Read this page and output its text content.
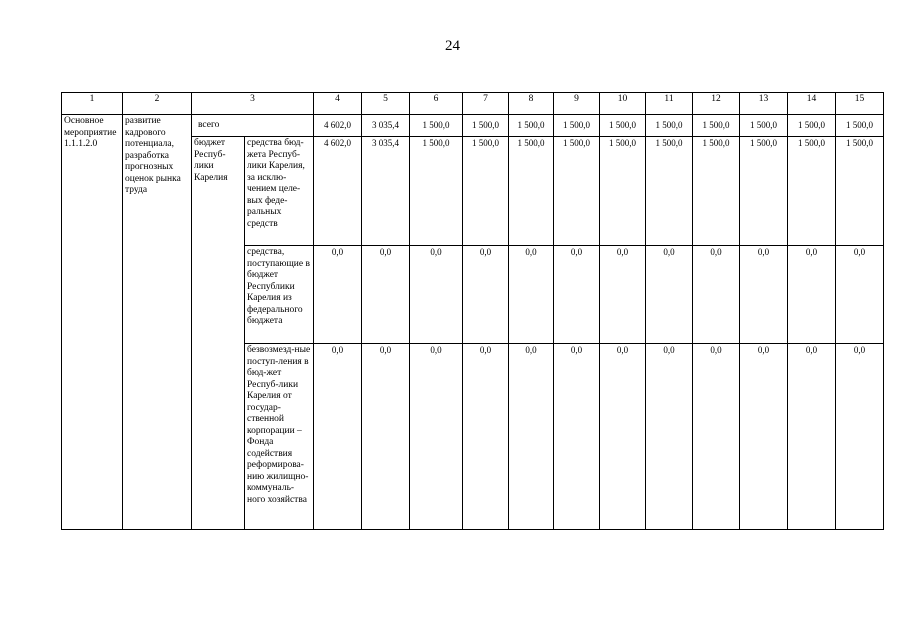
24
1	2	3		4	5	6	7	8	9	10	11	12	13	14	15
Основное мероприятие 1.1.1.2.0	развитие кадрового потенциала, разработка прогнозных оценок рынка труда	всего		4 602,0	3 035,4	1 500,0	1 500,0	1 500,0	1 500,0	1 500,0	1 500,0	1 500,0	1 500,0	1 500,0	1 500,0
		бюджет Респуб-лики Карелия	средства бюд-жета Респуб-лики Карелия, за исклю-чением целе-вых феде-ральных средств	4 602,0	3 035,4	1 500,0	1 500,0	1 500,0	1 500,0	1 500,0	1 500,0	1 500,0	1 500,0	1 500,0	1 500,0
			средства, поступающие в бюджет Республики Карелия из федерального бюджета	0,0	0,0	0,0	0,0	0,0	0,0	0,0	0,0	0,0	0,0	0,0	0,0
			безвозмезд-ные поступ-ления в бюд-жет Респуб-лики Карелия от государ-ственной корпорации – Фонда содействия реформирова-нию жилищно-коммуналь-ного хозяйства	0,0	0,0	0,0	0,0	0,0	0,0	0,0	0,0	0,0	0,0	0,0	0,0
